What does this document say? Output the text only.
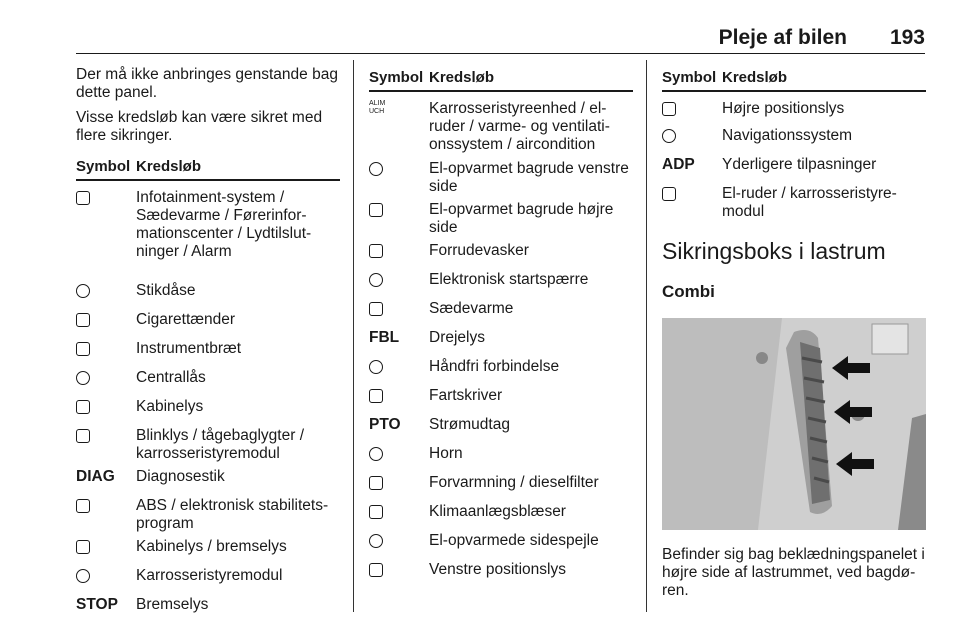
Pleje af bilen 193

Der må ikke anbringes genstande bag dette panel.

Visse kredsløb kan være sikret med flere sikringer.

Symbol Kredsløb
Infotainment-system / Sædevarme / Førerinfor-mationscenter / Lydtilslut-ninger / Alarm
Stikdåse
Cigarettænder
Instrumentbræt
Centrallås
Kabinelys
Blinklys / tågebaglygter / karrosseristyremodul
DIAG Diagnosestik
ABS / elektronisk stabilitets-program
Kabinelys / bremselys
Karrosseristyremodul
STOP Bremselys
Symbol Kredsløb
ALIM UCH	Karrosseristyreenhed / el-ruder / varme- og ventilati-onssystem / aircondition
El-opvarmet bagrude venstre side
El-opvarmet bagrude højre side
Forrudevasker
Elektronisk startspærre
Sædevarme
FBL Drejelys
Håndfri forbindelse
Fartskriver
PTO Strømudtag
Horn
Forvarmning / dieselfilter
Klimaanlægsblæser
El-opvarmede sidespejle
Venstre positionslys
Symbol Kredsløb
Højre positionslys
Navigationssystem
ADP Yderligere tilpasninger
El-ruder / karrosseristyre-modul
Sikringsboks i lastrum
Combi

Befinder sig bag beklædningspanelet i højre side af lastrummet, ved bagdø-ren.
